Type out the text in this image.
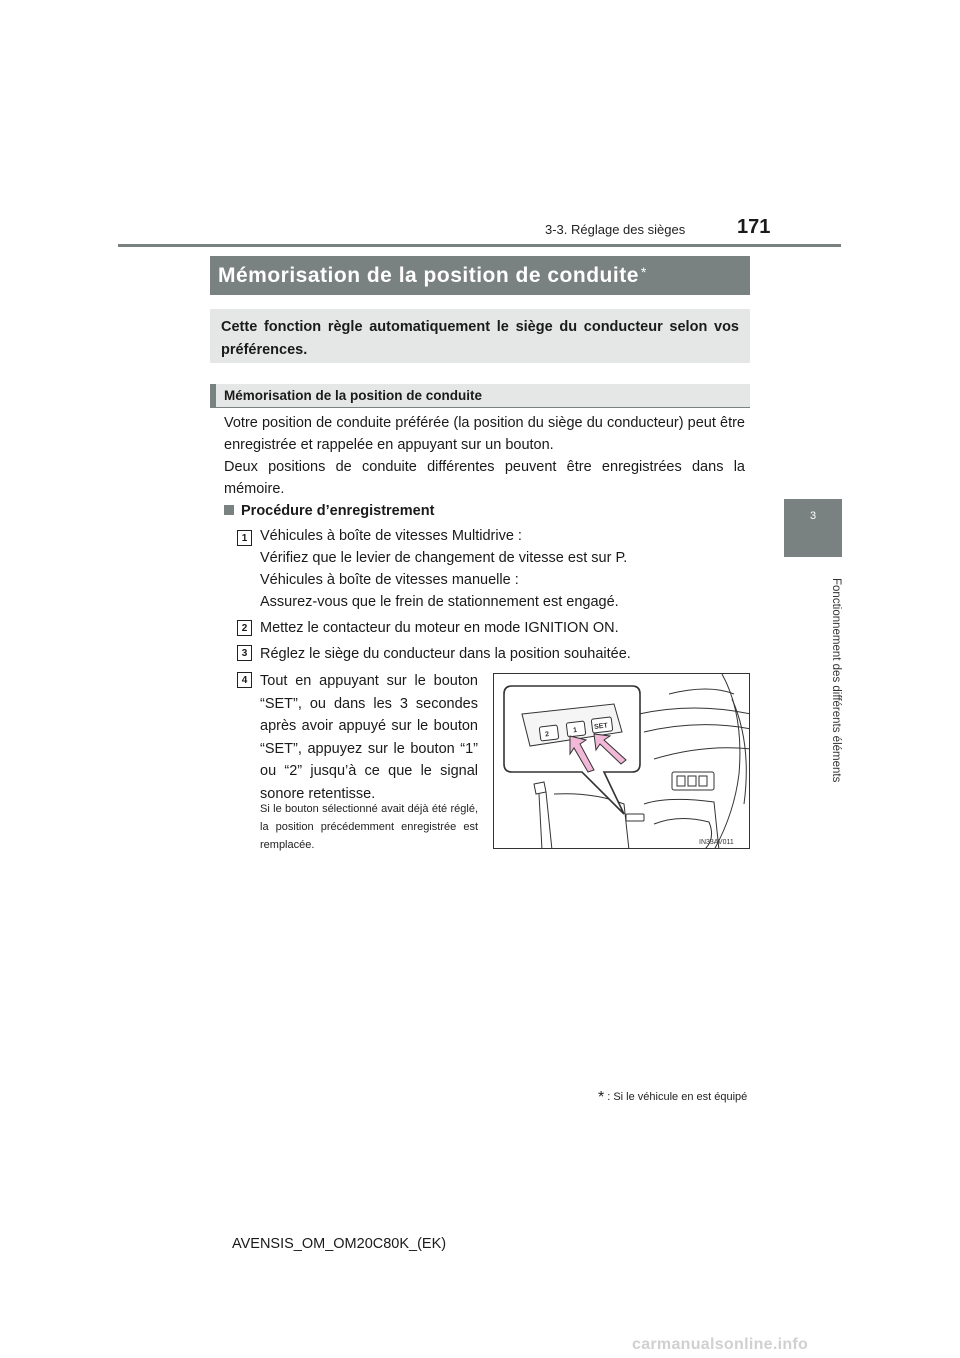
3-3. Réglage des sièges	171
3
Fonctionnement des différents éléments
Mémorisation de la position de conduite*
Cette fonction règle automatiquement le siège du conducteur selon vos préférences.
Mémorisation de la position de conduite
Votre position de conduite préférée (la position du siège du conducteur) peut être enregistrée et rappelée en appuyant sur un bouton.
Deux positions de conduite différentes peuvent être enregistrées dans la mémoire.
Procédure d’enregistrement
1 Véhicules à boîte de vitesses Multidrive :
Vérifiez que le levier de changement de vitesse est sur P.
Véhicules à boîte de vitesses manuelle :
Assurez-vous que le frein de stationnement est engagé.
2 Mettez le contacteur du moteur en mode IGNITION ON.
3 Réglez le siège du conducteur dans la position souhaitée.
4 Tout en appuyant sur le bouton “SET”, ou dans les 3 secondes après avoir appuyé sur le bouton “SET”, appuyez sur le bouton “1” ou “2” jusqu’à ce que le signal sonore retentisse.
Si le bouton sélectionné avait déjà été réglé, la position précédemment enregistrée est remplacée.
2
1 SET
IN33AV011
* : Si le véhicule en est équipé
AVENSIS_OM_OM20C80K_(EK)
carmanualsonline.info
